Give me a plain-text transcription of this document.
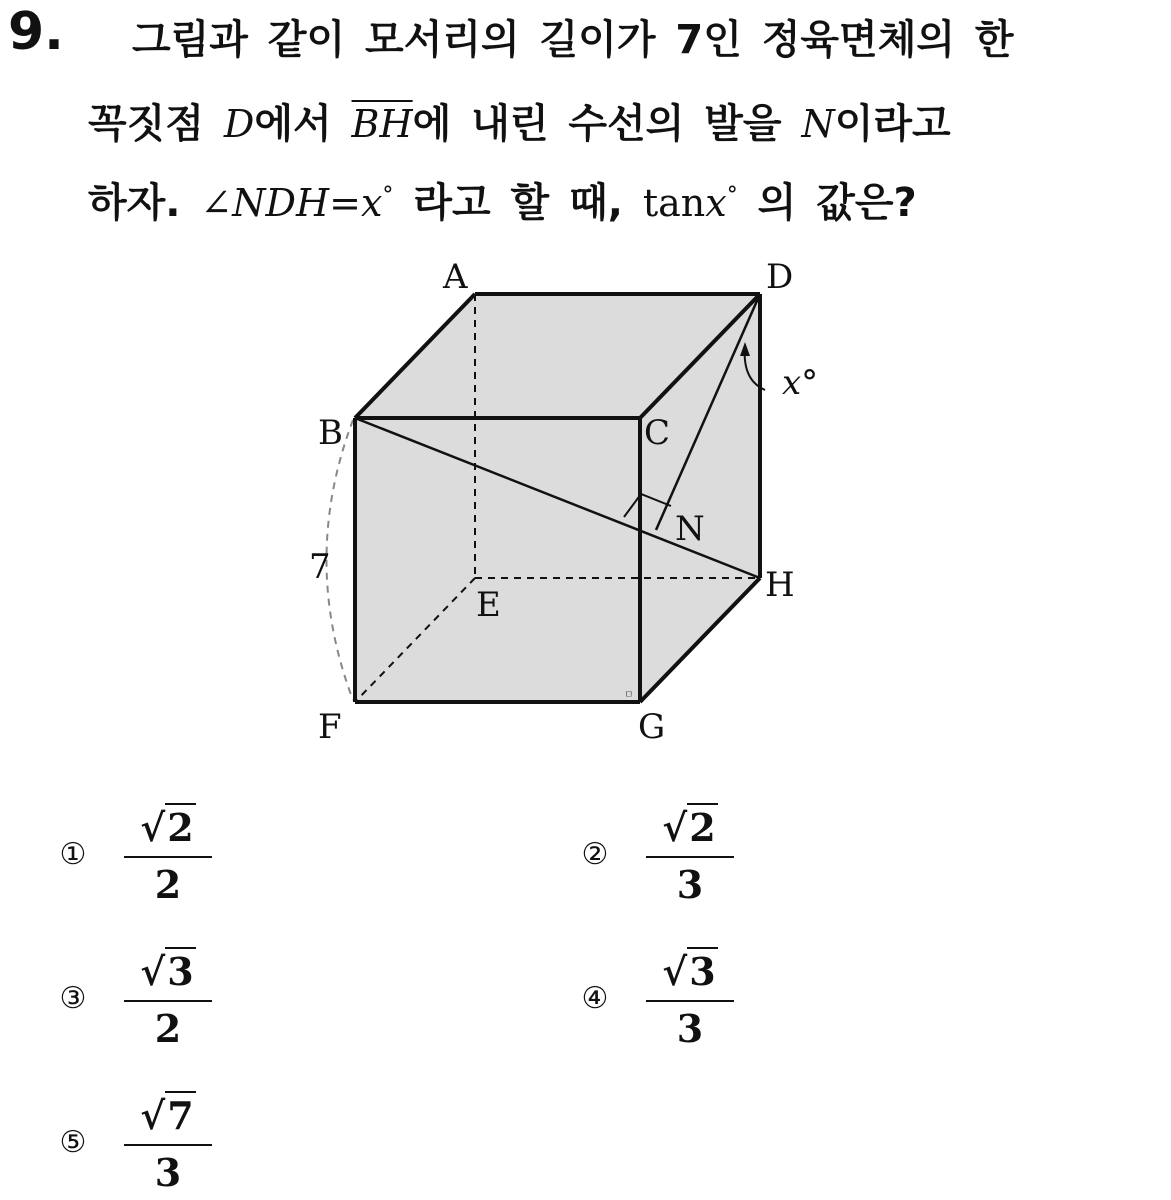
9. 그림과 같이 모서리의 길이가 7인 정육면체의 한
꼭짓점 D에서 $\overline{BH}$에 내린 수선의 발을 N이라고
하자. ∠NDH=x° 라고 할 때, tanx° 의 값은?
ㅁ
A	D
B	C
N
H
E
F	G
7
x°
①
√2
2
②
√2
3
③
√3
2
④
√3
3
⑤
√7
3
